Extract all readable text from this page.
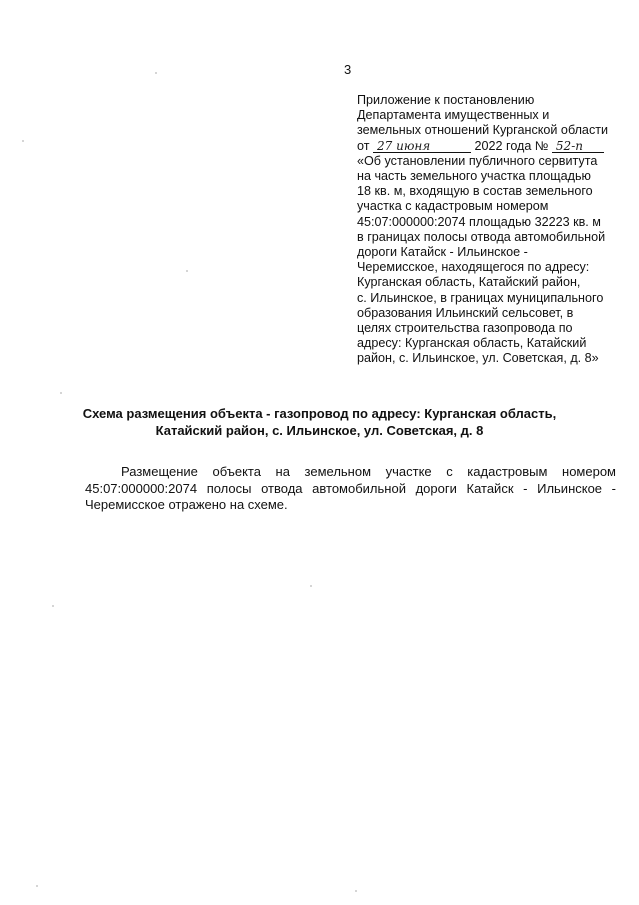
3
Приложение к постановлению
Департамента имущественных и
земельных отношений Курганской области
от 27 июня	2022 года № 52-п
«Об установлении публичного сервитута
на часть земельного участка площадью
18 кв. м, входящую в состав земельного
участка с кадастровым номером
45:07:000000:2074 площадью 32223 кв. м
в границах полосы отвода автомобильной
дороги Катайск - Ильинское -
Черемисское, находящегося по адресу:
Курганская область, Катайский район,
с. Ильинское, в границах муниципального
образования Ильинский сельсовет, в
целях строительства газопровода по
адресу: Курганская область, Катайский
район, с. Ильинское, ул. Советская, д. 8»
Схема размещения объекта - газопровод по адресу: Курганская область,
Катайский район, с. Ильинское, ул. Советская, д. 8
Размещение объекта на земельном участке с кадастровым номером 45:07:000000:2074 полосы отвода автомобильной дороги Катайск - Ильинское - Черемисское отражено на схеме.
